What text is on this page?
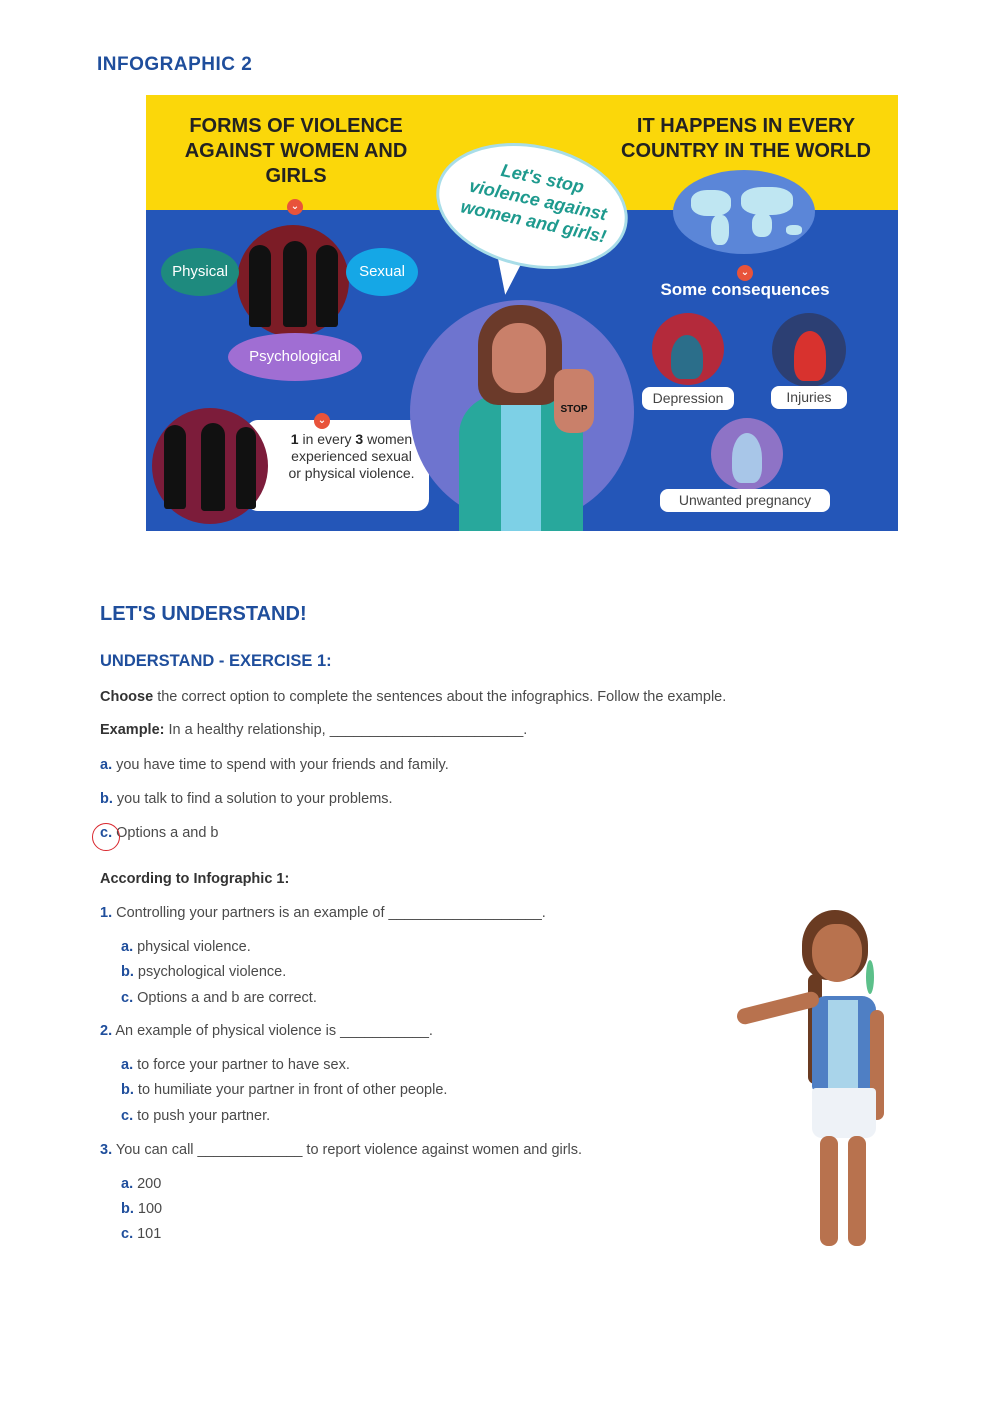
INFOGRAPHIC 2
FORMS OF VIOLENCE AGAINST WOMEN AND GIRLS
IT HAPPENS IN EVERY COUNTRY IN THE WORLD
⌄
Physical	Sexual
Psychological
1 in every 3 women experienced sexual or physical violence.
⌄
STOP
Let's stop violence against women and girls!
⌄
Some consequences
Depression	Injuries
Unwanted pregnancy
LET'S UNDERSTAND!
UNDERSTAND - EXERCISE 1:
Choose the correct option to complete the sentences about the infographics. Follow the example.
Example: In a healthy relationship, ________________________.
a. you have time to spend with your friends and family.
b. you talk to find a solution to your problems.
c. Options a and b
According to Infographic 1:
1. Controlling your partners is an example of ___________________.
a. physical violence.
b. psychological violence.
c. Options a and b are correct.
2. An example of physical violence is ___________.
a. to force your partner to have sex.
b. to humiliate your partner in front of other people.
c. to push your partner.
3. You can call _____________ to report violence against women and girls.
a. 200
b. 100
c. 101
